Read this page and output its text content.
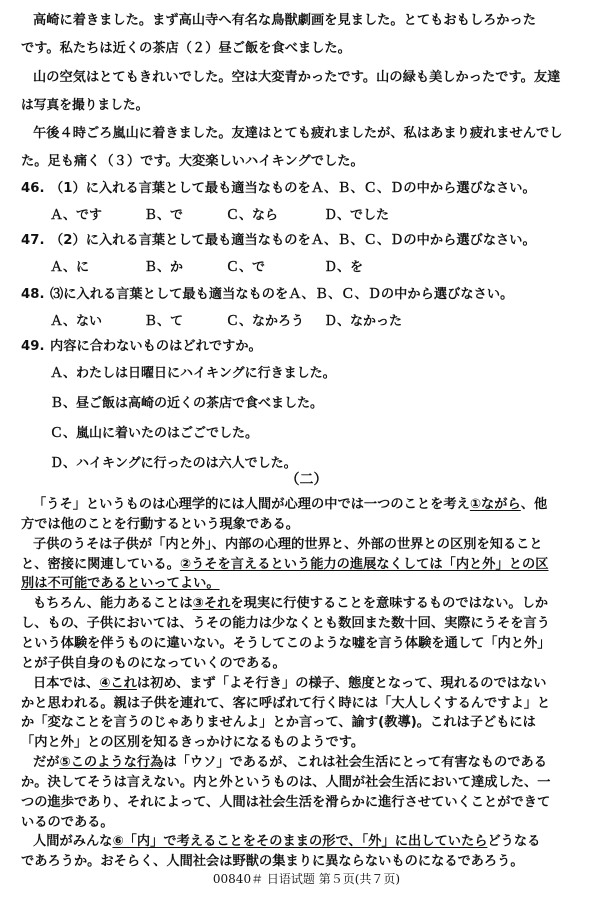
高崎に着きました。まず高山寺へ有名な鳥獣劇画を見ました。とてもおもしろかった
です。私たちは近くの茶店（２）昼ご飯を食べました。
山の空気はとてもきれいでした。空は大変青かったです。山の緑も美しかったです。友達
は写真を撮りました。
午後４時ごろ嵐山に着きました。友達はとても疲れましたが、私はあまり疲れませんでし
た。足も痛く（３）です。大変楽しいハイキングでした。
46. （1）に入れる言葉として最も適当なものをＡ、Ｂ、Ｃ、Ｄの中から選びなさい。
Ａ、です	Ｂ、で	Ｃ、なら	Ｄ、でした
47. （2）に入れる言葉として最も適当なものをＡ、Ｂ、Ｃ、Ｄの中から選びなさい。
Ａ、に	Ｂ、か	Ｃ、で	Ｄ、を
48. ⑶に入れる言葉として最も適当なものをＡ、Ｂ、Ｃ、Ｄの中から選びなさい。
Ａ、ない	Ｂ、て	Ｃ、なかろう Ｄ、なかった
49. 内容に合わないものはどれですか。
Ａ、わたしは日曜日にハイキングに行きました。
Ｂ、昼ご飯は高崎の近くの茶店で食べました。
Ｃ、嵐山に着いたのはごごでした。
Ｄ、ハイキングに行ったのは六人でした。
（二）
「うそ」というものは心理学的には人間が心理の中では一つのことを考え①ながら、他
方では他のことを行動するという現象である。
子供のうそは子供が「内と外」、内部の心理的世界と、外部の世界との区別を知ること
と、密接に関連している。②うそを言えるという能力の進展なくしては「内と外」との区
別は不可能であるといってよい。
もちろん、能力あることは③それを現実に行使することを意味するものではない。しか
し、もの、子供においては、うその能力は少なくとも数回また数十回、実際にうそを言う
という体験を伴うものに違いない。そうしてこのような嘘を言う体験を通して「内と外」
とが子供自身のものになっていくのである。
日本では、④これは初め、まず「よそ行き」の様子、態度となって、現れるのではない
かと思われる。親は子供を連れて、客に呼ばれて行く時には「大人しくするんですよ」と
か「変なことを言うのじゃありませんよ」とか言って、諭す(教導)。これは子どもには
「内と外」との区別を知るきっかけになるものようです。
だが⑤このような行為は「ウソ」であるが、これは社会生活にとって有害なものである
か。決してそうは言えない。内と外というものは、人間が社会生活において達成した、一
つの進歩であり、それによって、人間は社会生活を滑らかに進行させていくことができて
いるのである。
人間がみんな⑥「内」で考えることをそのままの形で、「外」に出していたらどうなる
であろうか。おそらく、人間社会は野獣の集まりに異ならないものになるであろう。
00840＃ 日语试题 第５页(共７页)
